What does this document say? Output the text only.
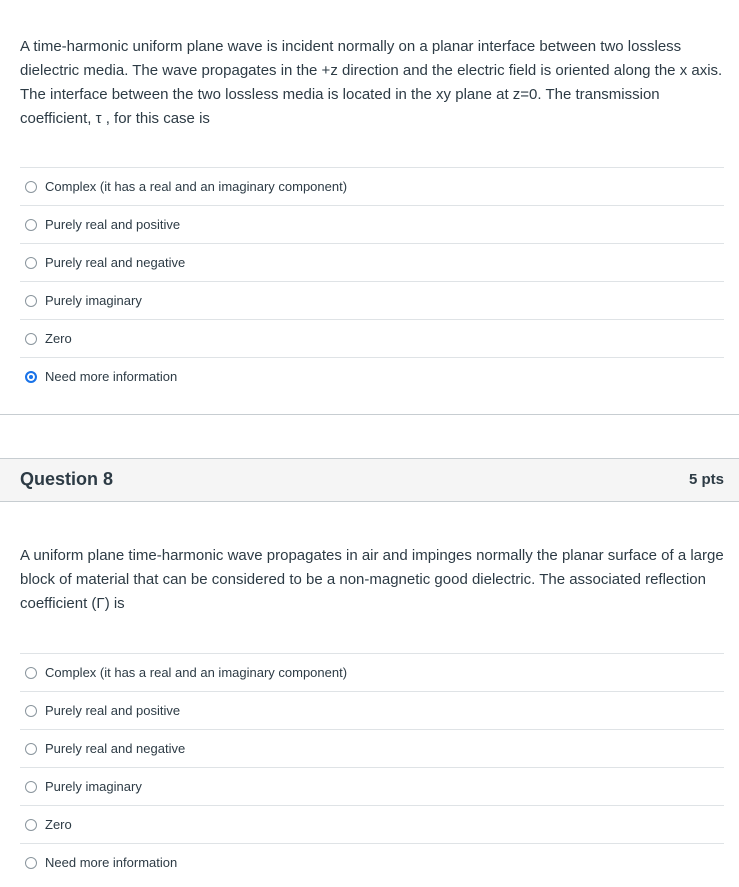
A time-harmonic uniform plane wave is incident normally on a planar interface between two lossless dielectric media. The wave propagates in the +z direction and the electric field is oriented along the x axis. The interface between the two lossless media is located in the xy plane at z=0. The transmission coefficient, τ , for this case is

Complex (it has a real and an imaginary component)
Purely real and positive
Purely real and negative
Purely imaginary
Zero
Need more information
Question 8	5 pts

A uniform plane time-harmonic wave propagates in air and impinges normally the planar surface of a large block of material that can be considered to be a non-magnetic good dielectric. The associated reflection coefficient (Γ) is

Complex (it has a real and an imaginary component)
Purely real and positive
Purely real and negative
Purely imaginary
Zero
Need more information
